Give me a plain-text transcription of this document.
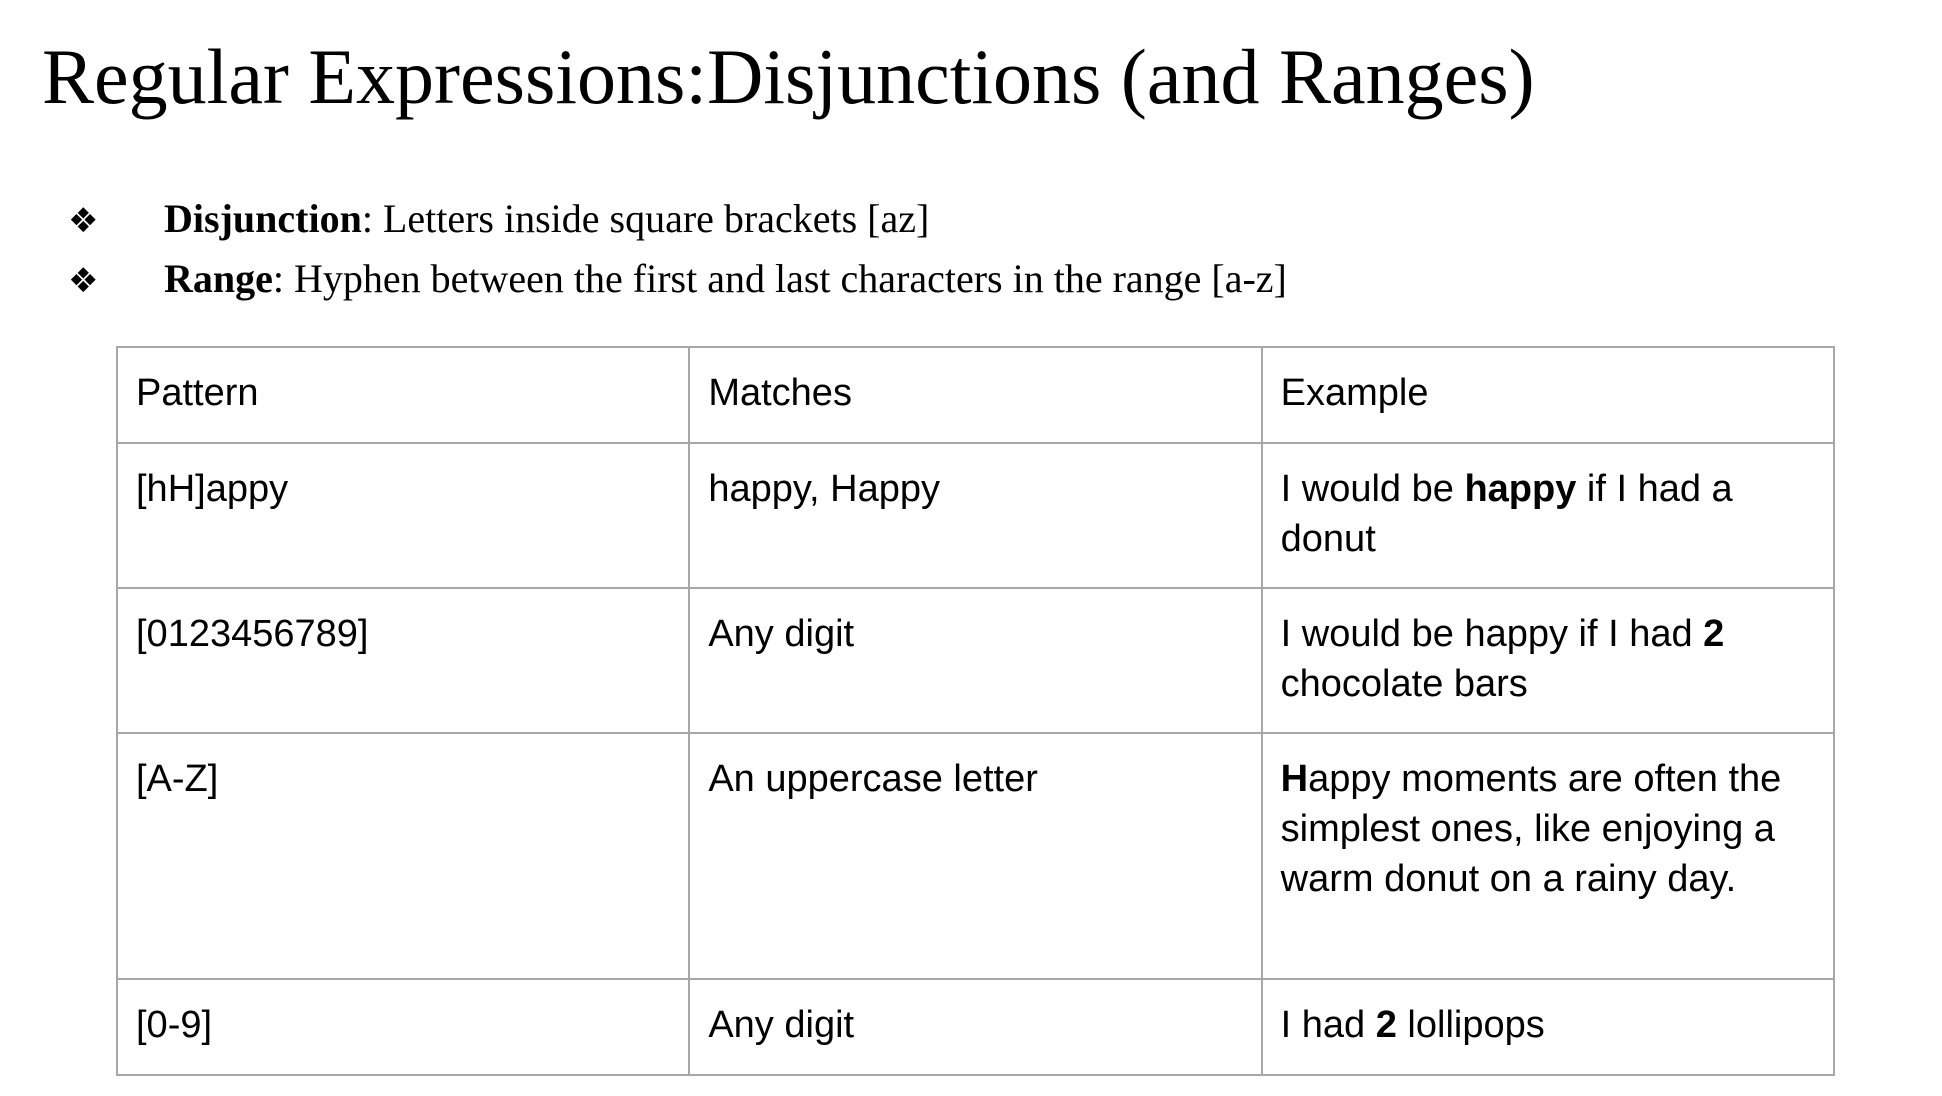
Regular Expressions:Disjunctions (and Ranges)
❖	Disjunction: Letters inside square brackets [az]
❖	Range: Hyphen between the first and last characters in the range [a-z]
Pattern	Matches	Example
[hH]appy	happy, Happy	I would be happy if I had a donut
[0123456789]	Any digit	I would be happy if I had 2 chocolate bars
[A-Z]	An uppercase letter	Happy moments are often the simplest ones, like enjoying a warm donut on a rainy day.
[0-9]	Any digit	I had 2 lollipops
